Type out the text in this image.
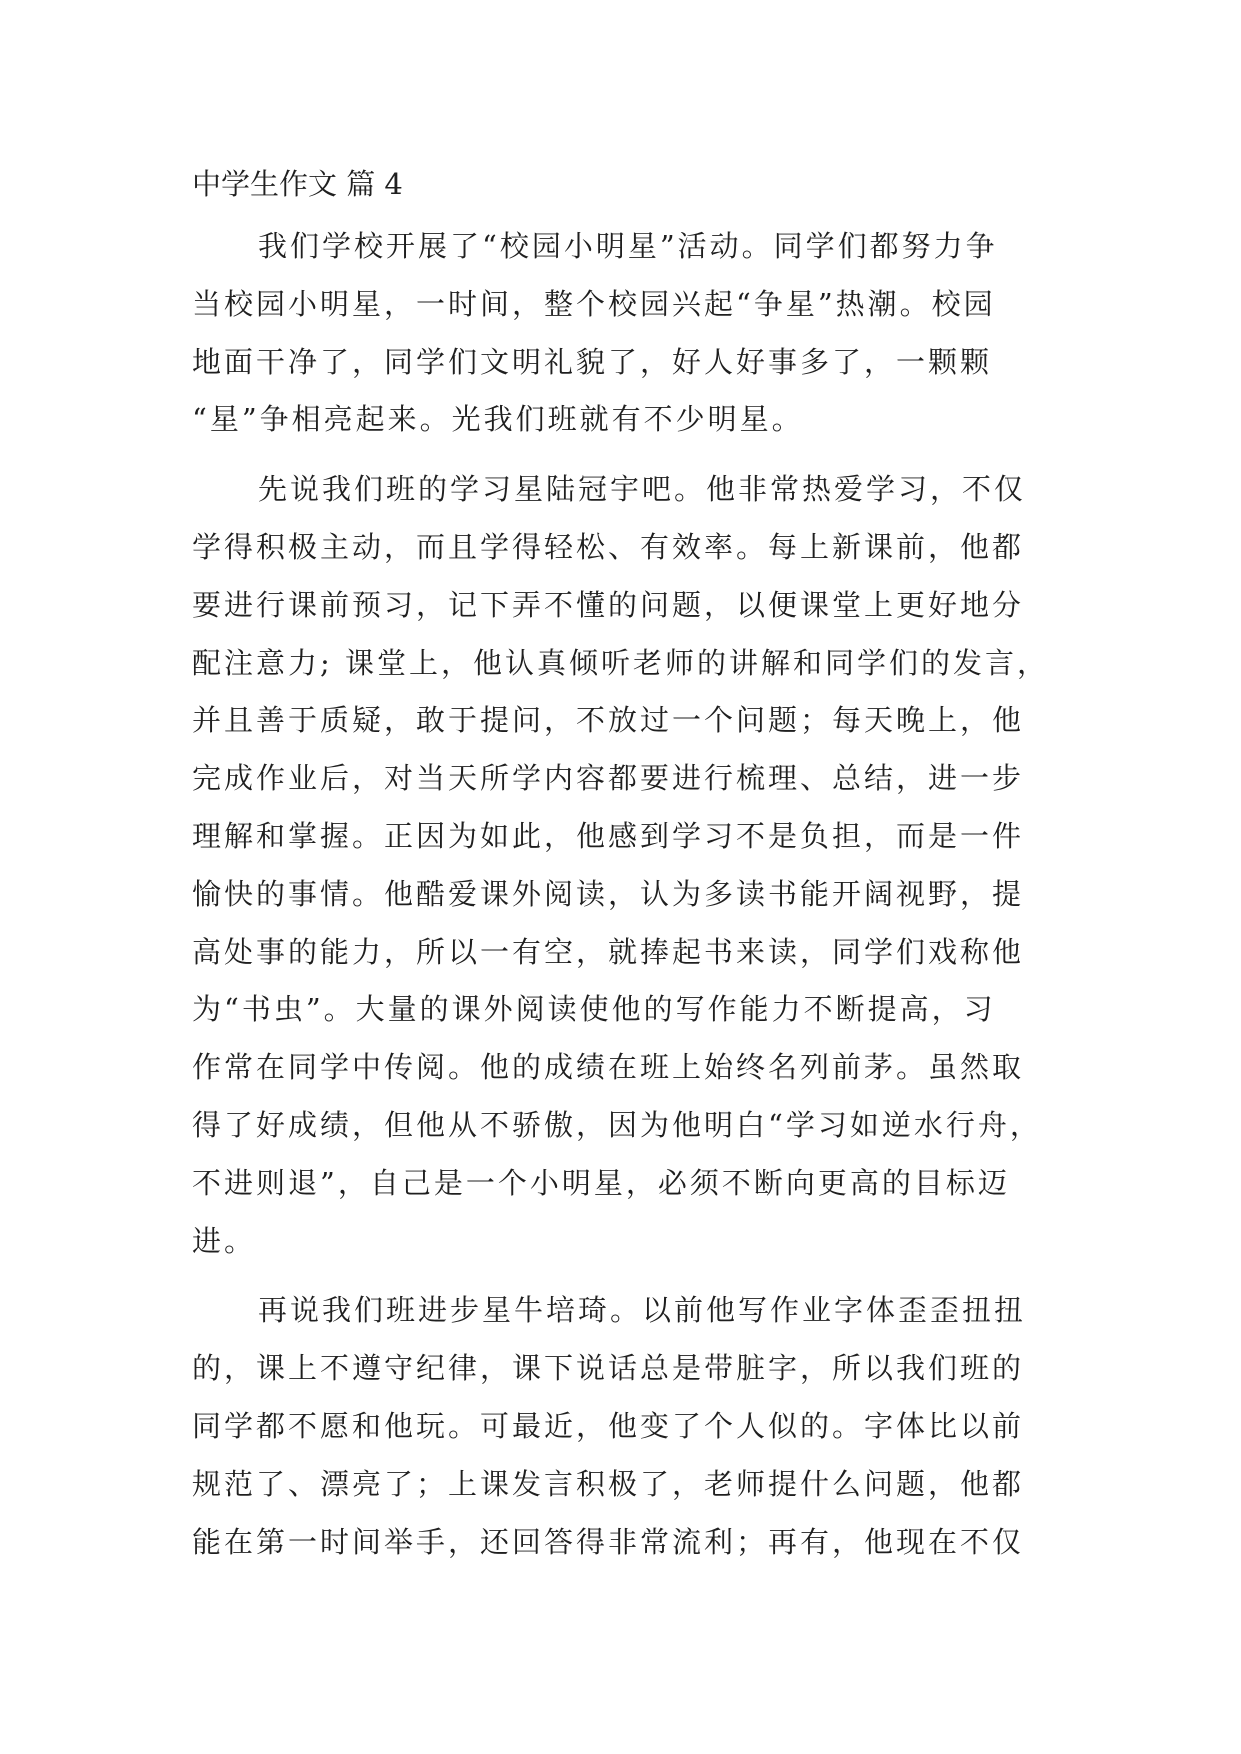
中学生作文 篇 4
我们学校开展了“校园小明星”活动。同学们都努力争
当校园小明星，一时间，整个校园兴起“争星”热潮。校园
地面干净了，同学们文明礼貌了，好人好事多了，一颗颗
“星”争相亮起来。光我们班就有不少明星。
先说我们班的学习星陆冠宇吧。他非常热爱学习，不仅
学得积极主动，而且学得轻松、有效率。每上新课前，他都
要进行课前预习，记下弄不懂的问题，以便课堂上更好地分
配注意力; 课堂上，他认真倾听老师的讲解和同学们的发言，
并且善于质疑，敢于提问，不放过一个问题；每天晚上，他
完成作业后，对当天所学内容都要进行梳理、总结，进一步
理解和掌握。正因为如此，他感到学习不是负担，而是一件
愉快的事情。他酷爱课外阅读，认为多读书能开阔视野，提
高处事的能力，所以一有空，就捧起书来读，同学们戏称他
为“书虫”。大量的课外阅读使他的写作能力不断提高，习
作常在同学中传阅。他的成绩在班上始终名列前茅。虽然取
得了好成绩，但他从不骄傲，因为他明白“学习如逆水行舟，
不进则退”，自己是一个小明星，必须不断向更高的目标迈
进。
再说我们班进步星牛培琦。以前他写作业字体歪歪扭扭
的，课上不遵守纪律，课下说话总是带脏字，所以我们班的
同学都不愿和他玩。可最近，他变了个人似的。字体比以前
规范了、漂亮了；上课发言积极了，老师提什么问题，他都
能在第一时间举手，还回答得非常流利；再有，他现在不仅
